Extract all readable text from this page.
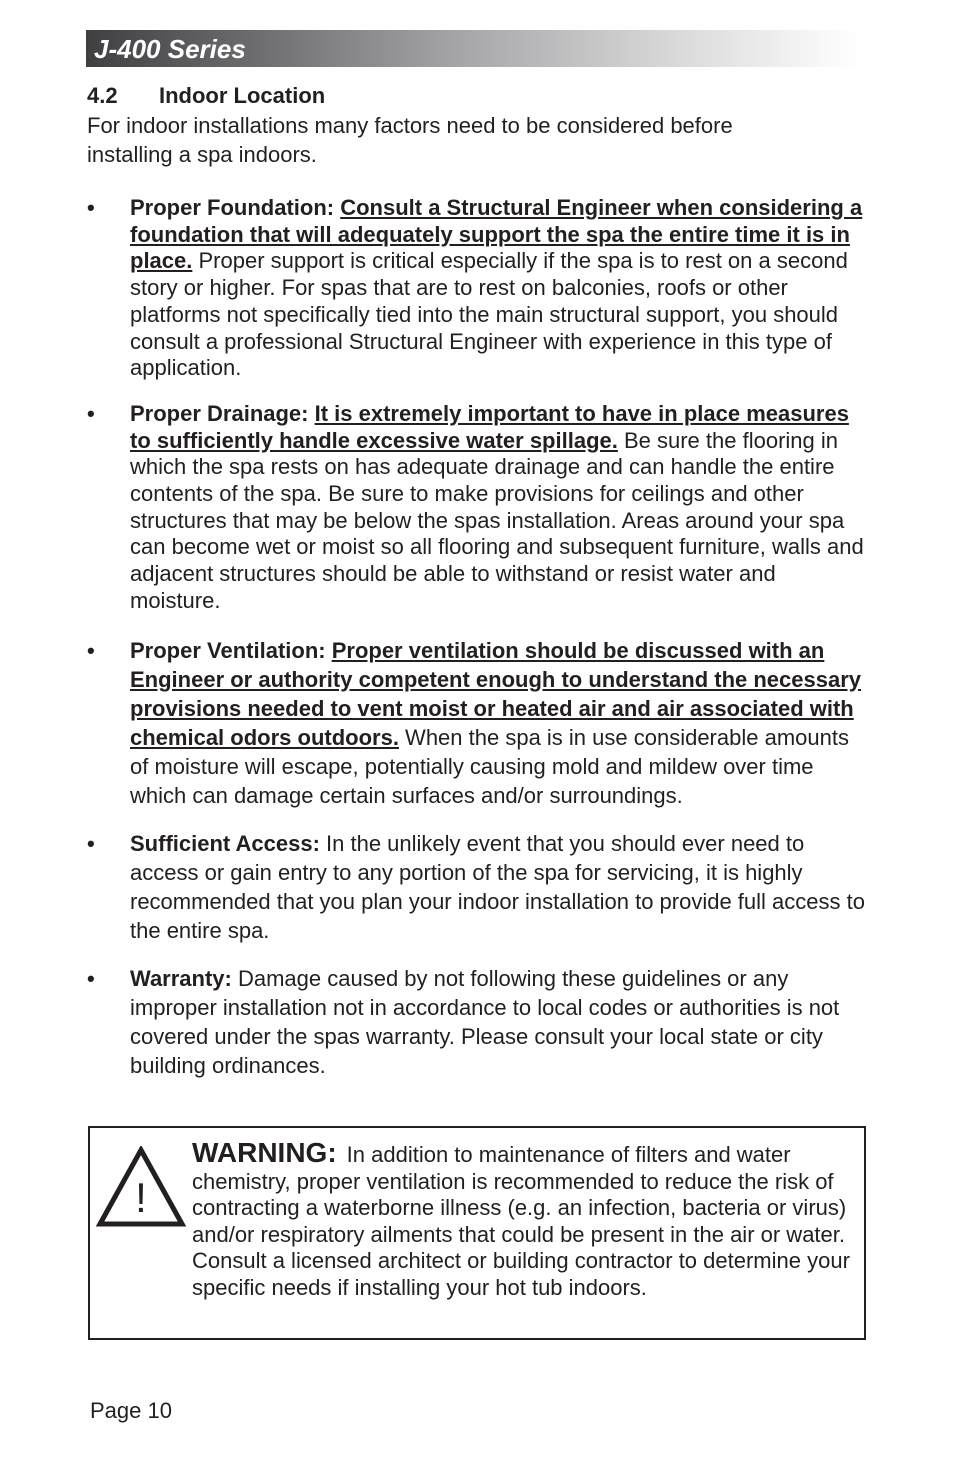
J-400 Series
4.2 Indoor Location
For indoor installations many factors need to be considered before installing a spa indoors.
• Proper Foundation: Consult a Structural Engineer when considering a foundation that will adequately support the spa the entire time it is in place. Proper support is critical especially if the spa is to rest on a second story or higher. For spas that are to rest on balconies, roofs or other platforms not specifically tied into the main structural support, you should consult a professional Structural Engineer with experience in this type of application.
• Proper Drainage: It is extremely important to have in place measures to sufficiently handle excessive water spillage. Be sure the flooring in which the spa rests on has adequate drainage and can handle the entire contents of the spa. Be sure to make provisions for ceilings and other structures that may be below the spas installation. Areas around your spa can become wet or moist so all flooring and subsequent furniture, walls and adjacent structures should be able to withstand or resist water and moisture.
• Proper Ventilation: Proper ventilation should be discussed with an Engineer or authority competent enough to understand the necessary provisions needed to vent moist or heated air and air associated with chemical odors outdoors. When the spa is in use considerable amounts of moisture will escape, potentially causing mold and mildew over time which can damage certain surfaces and/or surroundings.
• Sufficient Access: In the unlikely event that you should ever need to access or gain entry to any portion of the spa for servicing, it is highly recommended that you plan your indoor installation to provide full access to the entire spa.
• Warranty: Damage caused by not following these guidelines or any improper installation not in accordance to local codes or authorities is not covered under the spas warranty. Please consult your local state or city building ordinances.
!
WARNING: In addition to maintenance of filters and water chemistry, proper ventilation is recommended to reduce the risk of contracting a waterborne illness (e.g. an infection, bacteria or virus) and/or respiratory ailments that could be present in the air or water. Consult a licensed architect or building contractor to determine your specific needs if installing your hot tub indoors.
Page 10
